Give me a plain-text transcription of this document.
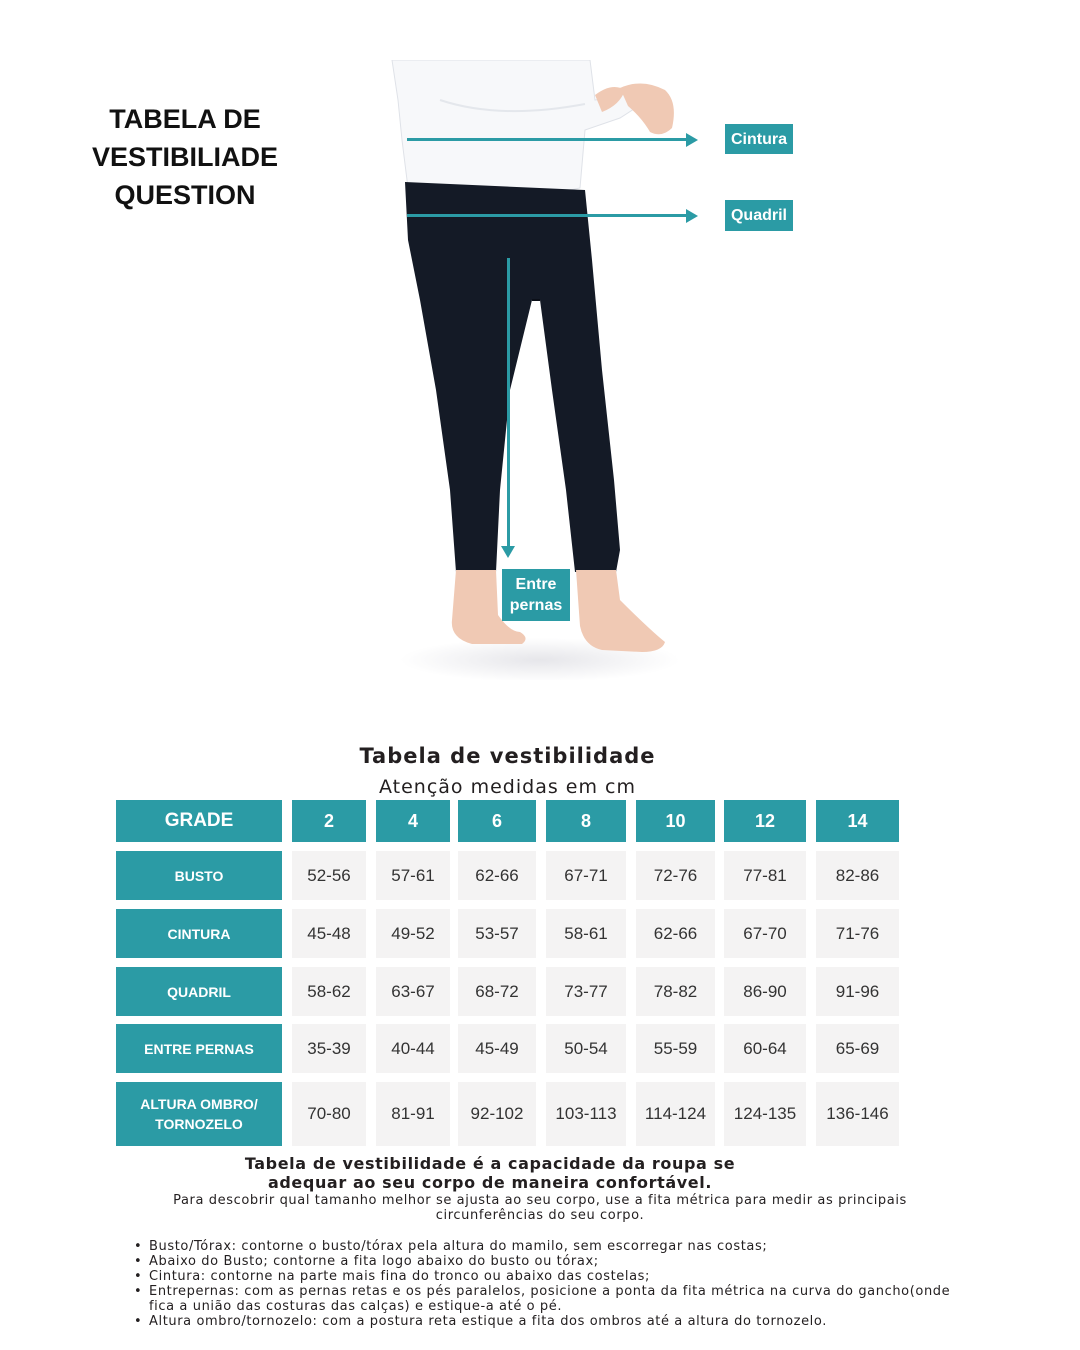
TABELA DE
VESTIBILIADE
QUESTION
Cintura
Quadril
Entre
pernas
Tabela de vestibilidade
Atenção medidas em cm
GRADE	2	4	6	8	10	12	14
BUSTO	52-56	57-61	62-66	67-71	72-76	77-81	82-86
CINTURA	45-48	49-52	53-57	58-61	62-66	67-70	71-76
QUADRIL	58-62	63-67	68-72	73-77	78-82	86-90	91-96
ENTRE PERNAS	35-39	40-44	45-49	50-54	55-59	60-64	65-69
ALTURA OMBRO/
TORNOZELO
70-80	81-91	92-102	103-113	114-124	124-135	136-146
Tabela de vestibilidade é a capacidade da roupa se
adequar ao seu corpo de maneira confortável.
Para descobrir qual tamanho melhor se ajusta ao seu corpo, use a fita métrica para medir as principais
circunferências do seu corpo.
• Busto/Tórax: contorne o busto/tórax pela altura do mamilo, sem escorregar nas costas;
• Abaixo do Busto; contorne a fita logo abaixo do busto ou tórax;
• Cintura: contorne na parte mais fina do tronco ou abaixo das costelas;
• Entrepernas: com as pernas retas e os pés paralelos, posicione a ponta da fita métrica na curva do gancho(onde fica a união das costuras das calças) e estique-a até o pé.
• Altura ombro/tornozelo: com a postura reta estique a fita dos ombros até a altura do tornozelo.
